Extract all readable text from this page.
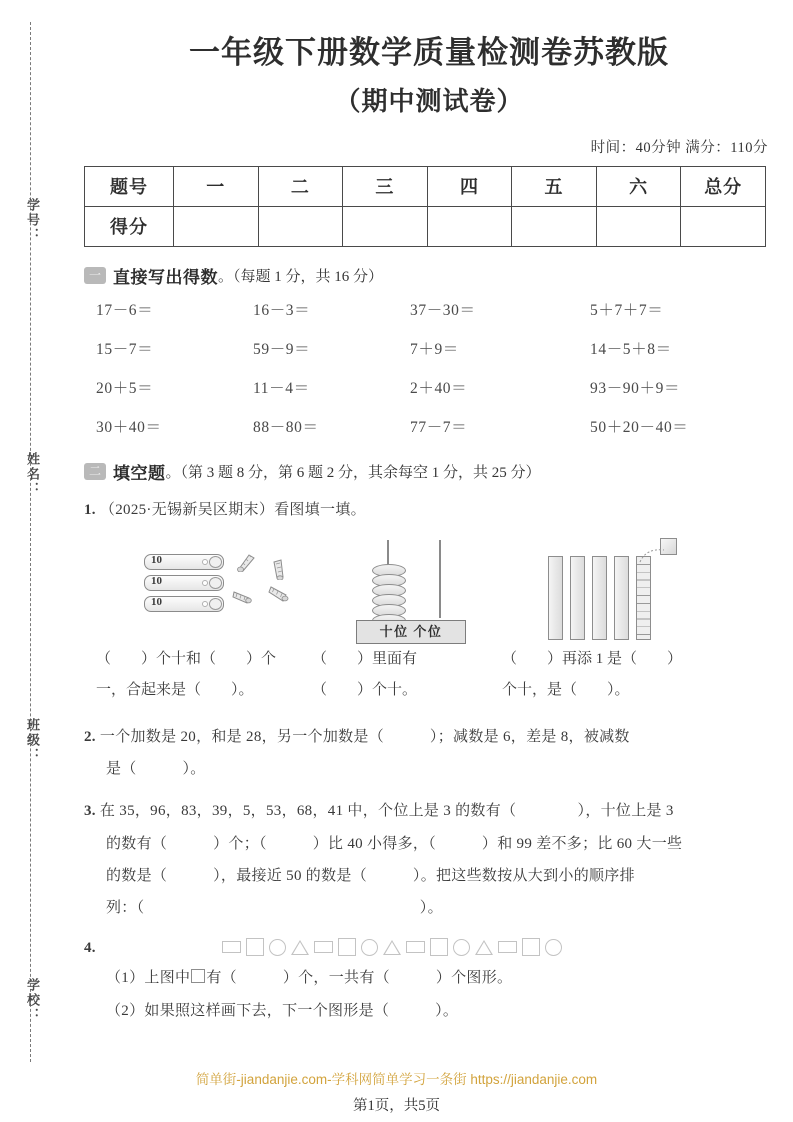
学号：
姓名：
班级：
学校：
一年级下册数学质量检测卷苏教版
（期中测试卷）
时间：40分钟 满分：110分
题号	一	二	三	四	五	六	总分
得分							
一 直接写出得数 。（每题 1 分，共 16 分）
17－6＝	16－3＝	37－30＝	5＋7＋7＝
15－7＝	59－9＝	7＋9＝	14－5＋8＝
20＋5＝	11－4＝	2＋40＝	93－90＋9＝
30＋40＝	88－80＝	77－7＝	50＋20－40＝
二 填空题 。（第 3 题 8 分，第 6 题 2 分，其余每空 1 分，共 25 分）
1. （2025·无锡新吴区期末）看图填一填。
10
10
10
十位 个位
（　　）个十和（　　）个	（　　）里面有	（　　）再添 1 是（　　）
一，合起来是（　　）。	（　　）个十。	个十，是（　　）。
2. 一个加数是 20，和是 28，另一个加数是（　　　）；减数是 6，差是 8，被减数
是（　　　）。
3. 在 35，96，83，39，5，53，68，41 中，个位上是 3 的数有（　　　　），十位上是 3
的数有（　　　）个；（　　　）比 40 小得多，（　　　）和 99 差不多；比 60 大一些
的数是（　　　），最接近 50 的数是（　　　）。把这些数按从大到小的顺序排
列：（　　　　　　　　　　　　　　　　　　）。
4.
（1）上图中 有（　　　）个，一共有（　　　）个图形。
（2）如果照这样画下去，下一个图形是（　　　）。
简单街-jiandanjie.com-学科网简单学习一条街 https://jiandanjie.com
第1页，共5页
